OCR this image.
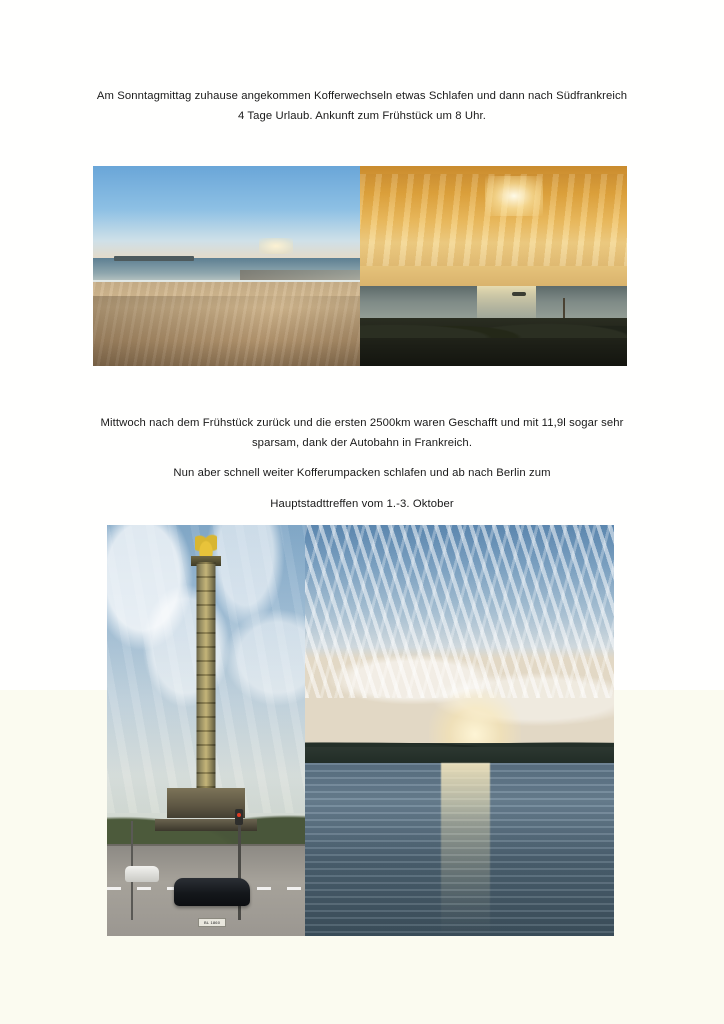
Am Sonntagmittag zuhause angekommen Kofferwechseln etwas Schlafen und dann nach Südfrankreich 4 Tage Urlaub. Ankunft zum Frühstück um 8 Uhr.
Mittwoch nach dem Frühstück zurück und die ersten 2500km waren Geschafft und mit 11,9l sogar sehr sparsam, dank der Autobahn in Frankreich.
Nun aber schnell weiter Kofferumpacken schlafen und ab nach Berlin zum
Hauptstadttreffen vom 1.-3. Oktober
BL 1860
